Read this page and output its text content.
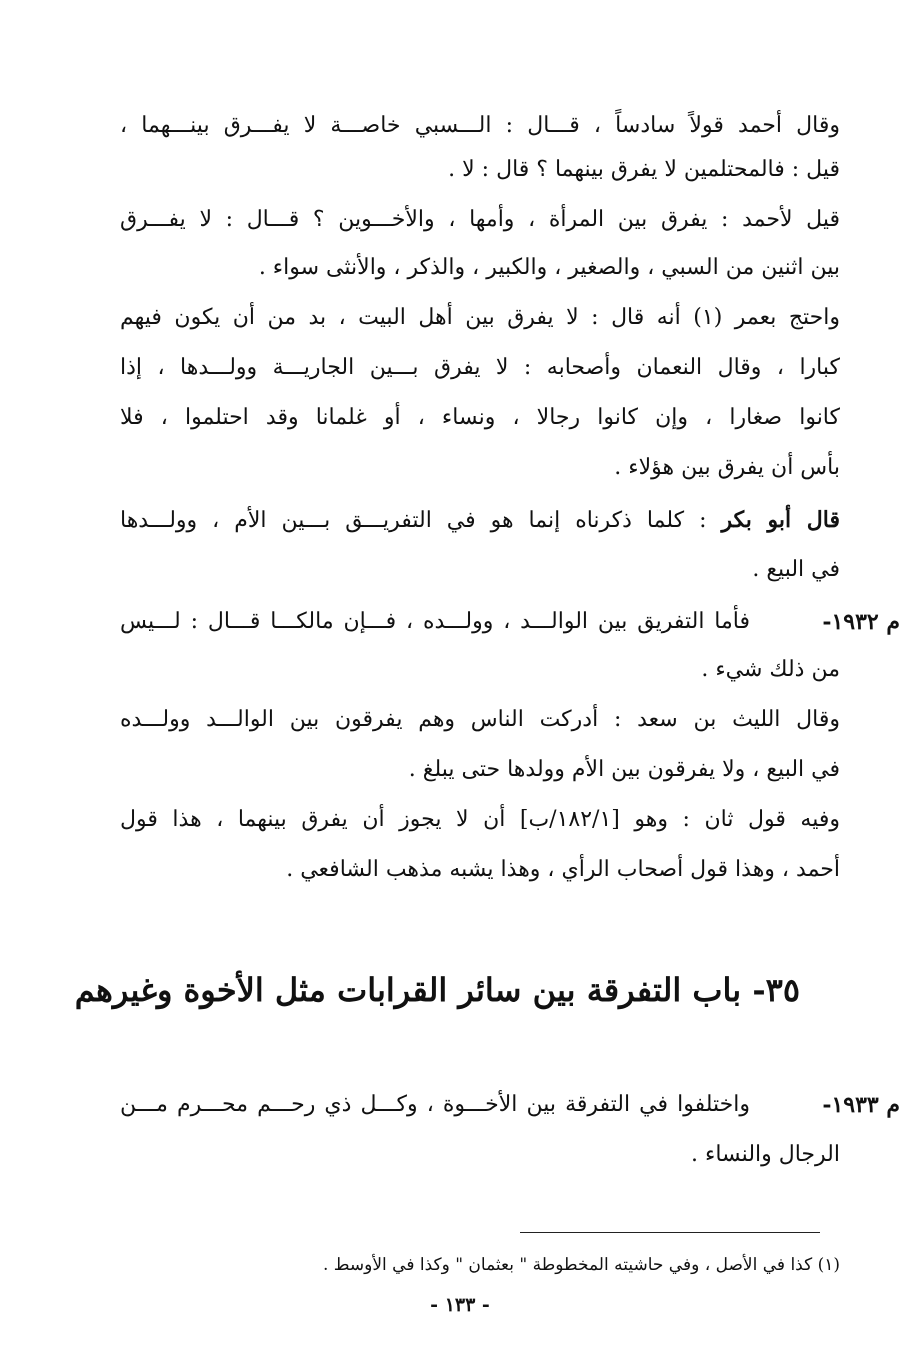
وقال أحمد قولاً سادساً ، قـــال : الـــسبي خاصـــة لا يفـــرق بينـــهما ،
قيل : فالمحتلمين لا يفرق بينهما ؟ قال : لا .
قيل لأحمد : يفرق بين المرأة ، وأمها ، والأخـــوين ؟ قـــال : لا يفـــرق
بين اثنين من السبي ، والصغير ، والكبير ، والذكر ، والأنثى سواء .
واحتج بعمر (١) أنه قال : لا يفرق بين أهل البيت ، بد من أن يكون فيهم
كبارا ، وقال النعمان وأصحابه : لا يفرق بـــين الجاريـــة وولـــدها ، إذا
كانوا صغارا ، وإن كانوا رجالا ، ونساء ، أو غلمانا وقد احتلموا ، فلا
بأس أن يفرق بين هؤلاء .
قال أبو بكر : كلما ذكرناه إنما هو في التفريـــق بـــين الأم ، وولـــدها
في البيع .
م ١٩٣٢-
فأما التفريق بين الوالـــد ، وولـــده ، فـــإن مالكـــا قـــال : لـــيس
من ذلك شيء .
وقال الليث بن سعد : أدركت الناس وهم يفرقون بين الوالـــد وولـــده
في البيع ، ولا يفرقون بين الأم وولدها حتى يبلغ .
وفيه قول ثان : وهو [١٨٢/١/ب] أن لا يجوز أن يفرق بينهما ، هذا قول
أحمد ، وهذا قول أصحاب الرأي ، وهذا يشبه مذهب الشافعي .
٣٥- باب التفرقة بين سائر القرابات مثل الأخوة وغيرهم
م ١٩٣٣-
واختلفوا في التفرقة بين الأخـــوة ، وكـــل ذي رحـــم محـــرم مـــن
الرجال والنساء .
(١) كذا في الأصل ، وفي حاشيته المخطوطة " بعثمان " وكذا في الأوسط .
- ١٣٣ -
